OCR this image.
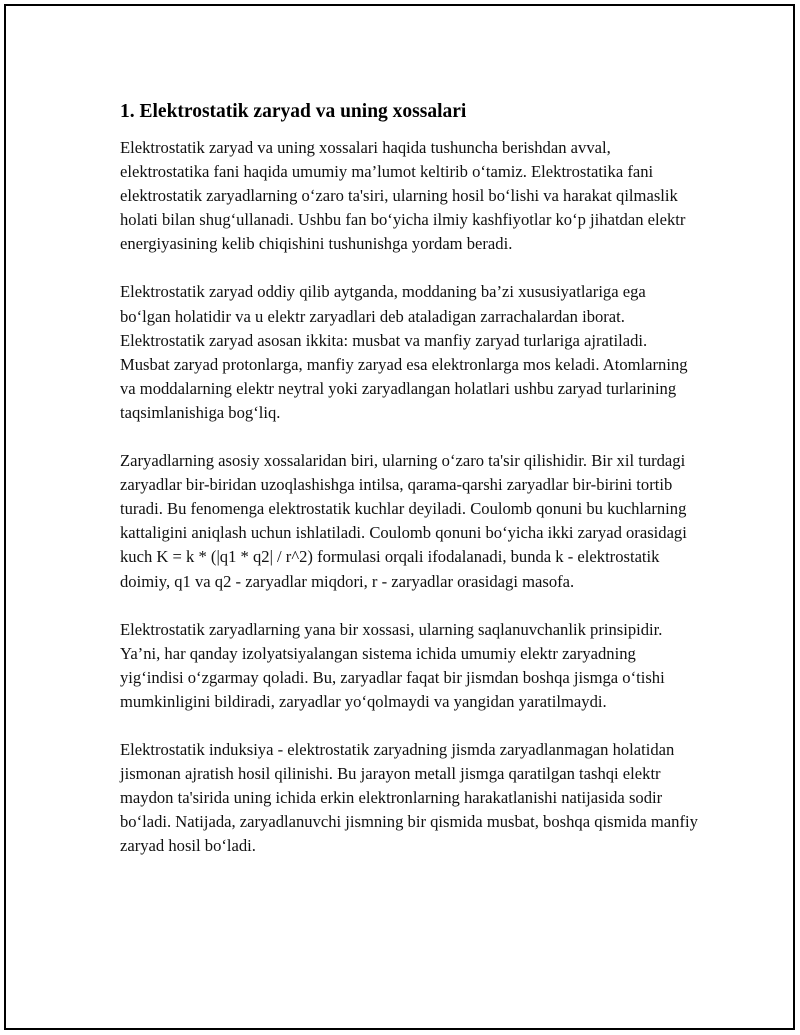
1. Elektrostatik zaryad va uning xossalari

Elektrostatik zaryad va uning xossalari haqida tushuncha berishdan avval, elektrostatika fani haqida umumiy ma’lumot keltirib o‘tamiz. Elektrostatika fani elektrostatik zaryadlarning o‘zaro ta'siri, ularning hosil bo‘lishi va harakat qilmaslik holati bilan shug‘ullanadi. Ushbu fan bo‘yicha ilmiy kashfiyotlar ko‘p jihatdan elektr energiyasining kelib chiqishini tushunishga yordam beradi.

Elektrostatik zaryad oddiy qilib aytganda, moddaning ba’zi xususiyatlariga ega bo‘lgan holatidir va u elektr zaryadlari deb ataladigan zarrachalardan iborat. Elektrostatik zaryad asosan ikkita: musbat va manfiy zaryad turlariga ajratiladi. Musbat zaryad protonlarga, manfiy zaryad esa elektronlarga mos keladi. Atomlarning va moddalarning elektr neytral yoki zaryadlangan holatlari ushbu zaryad turlarining taqsimlanishiga bog‘liq.

Zaryadlarning asosiy xossalaridan biri, ularning o‘zaro ta'sir qilishidir. Bir xil turdagi zaryadlar bir-biridan uzoqlashishga intilsa, qarama-qarshi zaryadlar bir-birini tortib turadi. Bu fenomenga elektrostatik kuchlar deyiladi. Coulomb qonuni bu kuchlarning kattaligini aniqlash uchun ishlatiladi. Coulomb qonuni bo‘yicha ikki zaryad orasidagi kuch K = k * (|q1 * q2| / r^2) formulasi orqali ifodalanadi, bunda k - elektrostatik doimiy, q1 va q2 - zaryadlar miqdori, r - zaryadlar orasidagi masofa.

Elektrostatik zaryadlarning yana bir xossasi, ularning saqlanuvchanlik prinsipidir. Ya’ni, har qanday izolyatsiyalangan sistema ichida umumiy elektr zaryadning yig‘indisi o‘zgarmay qoladi. Bu, zaryadlar faqat bir jismdan boshqa jismga o‘tishi mumkinligini bildiradi, zaryadlar yo‘qolmaydi va yangidan yaratilmaydi.

Elektrostatik induksiya - elektrostatik zaryadning jismda zaryadlanmagan holatidan jismonan ajratish hosil qilinishi. Bu jarayon metall jismga qaratilgan tashqi elektr maydon ta'sirida uning ichida erkin elektronlarning harakatlanishi natijasida sodir bo‘ladi. Natijada, zaryadlanuvchi jismning bir qismida musbat, boshqa qismida manfiy zaryad hosil bo‘ladi.
